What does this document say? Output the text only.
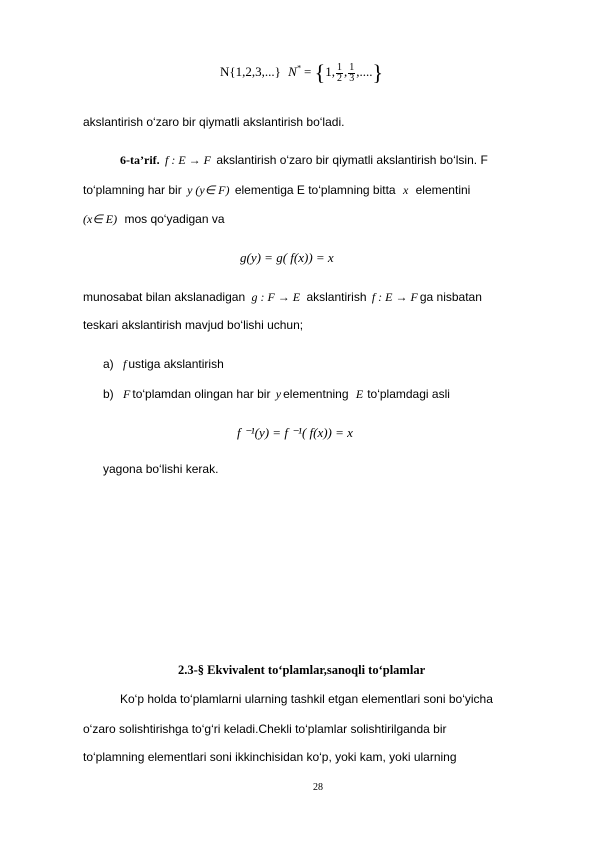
N{1,2,3,...} N* = {1, $\frac{1}{2}$ , $\frac{1}{3}$ ,....}
akslantirish o‘zaro bir qiymatli akslantirish bo‘ladi.
6-ta’rif. f : E → F akslantirish o‘zaro bir qiymatli akslantirish bo‘lsin. F
to‘plamning har bir y (y∈ F) elementiga E to‘plamning bitta x elementini
(x∈ E) mos qo‘yadigan va
g(y) = g( f(x)) = x
munosabat bilan akslanadigan g : F → E akslantirish f : E → F ga nisbatan
teskari akslantirish mavjud bo‘lishi uchun;
a) f ustiga akslantirish
b) F to‘plamdan olingan har bir y elementning E to‘plamdagi asli
f ⁻¹(y) = f ⁻¹( f(x)) = x
yagona bo‘lishi kerak.
2.3-§ Ekvivalent to‘plamlar,sanoqli to‘plamlar
Ko‘p holda to‘plamlarni ularning tashkil etgan elementlari soni bo‘yicha
o‘zaro solishtirishga to‘g‘ri keladi.Chekli to‘plamlar solishtirilganda bir
to‘plamning elementlari soni ikkinchisidan ko‘p, yoki kam, yoki ularning
28
